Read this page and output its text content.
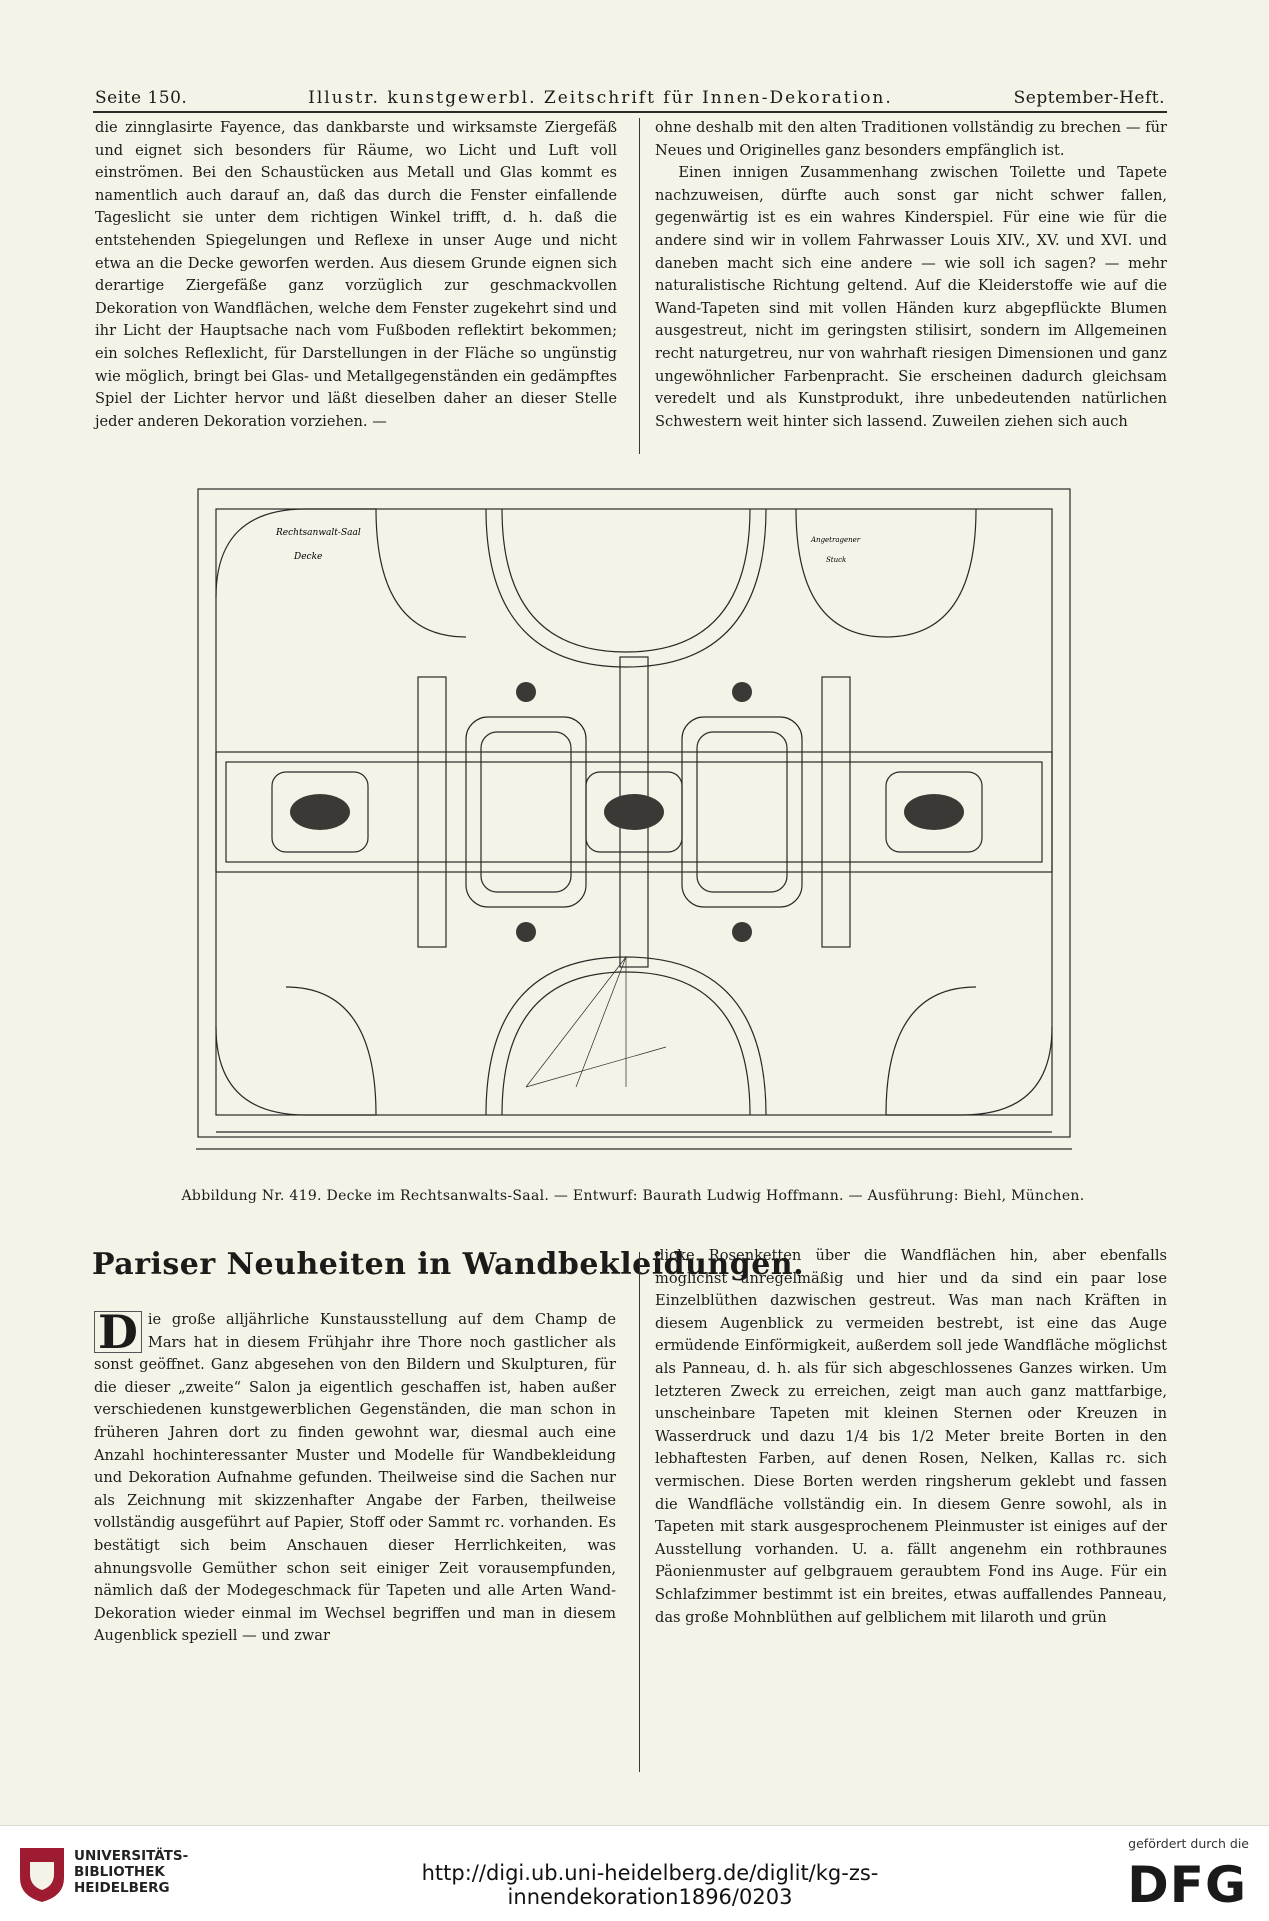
Seite 150.	Illustr. kunstgewerbl. Zeitschrift für Innen-Dekoration.	September-Heft.

die zinnglasirte Fayence, das dankbarste und wirksamste Ziergefäß und eignet sich besonders für Räume, wo Licht und Luft voll einströmen. Bei den Schaustücken aus Metall und Glas kommt es namentlich auch darauf an, daß das durch die Fenster einfallende Tageslicht sie unter dem richtigen Winkel trifft, d. h. daß die entstehenden Spiegelungen und Reflexe in unser Auge und nicht etwa an die Decke geworfen werden. Aus diesem Grunde eignen sich derartige Ziergefäße ganz vorzüglich zur geschmackvollen Dekoration von Wandflächen, welche dem Fenster zugekehrt sind und ihr Licht der Hauptsache nach vom Fußboden reflektirt bekommen; ein solches Reflexlicht, für Darstellungen in der Fläche so ungünstig wie möglich, bringt bei Glas- und Metallgegenständen ein gedämpftes Spiel der Lichter hervor und läßt dieselben daher an dieser Stelle jeder anderen Dekoration vorziehen. —

ohne deshalb mit den alten Traditionen vollständig zu brechen — für Neues und Originelles ganz besonders empfänglich ist.

Einen innigen Zusammenhang zwischen Toilette und Tapete nachzuweisen, dürfte auch sonst gar nicht schwer fallen, gegenwärtig ist es ein wahres Kinderspiel. Für eine wie für die andere sind wir in vollem Fahrwasser Louis XIV., XV. und XVI. und daneben macht sich eine andere — wie soll ich sagen? — mehr naturalistische Richtung geltend. Auf die Kleiderstoffe wie auf die Wand-Tapeten sind mit vollen Händen kurz abgepflückte Blumen ausgestreut, nicht im geringsten stilisirt, sondern im Allgemeinen recht naturgetreu, nur von wahrhaft riesigen Dimensionen und ganz ungewöhnlicher Farbenpracht. Sie erscheinen dadurch gleichsam veredelt und als Kunstprodukt, ihre unbedeutenden natürlichen Schwestern weit hinter sich lassend. Zuweilen ziehen sich auch

Rechtsanwalt-Saal
Decke
Angetragener
Stuck
Abbildung Nr. 419. Decke im Rechtsanwalts-Saal. — Entwurf: Baurath Ludwig Hoffmann. — Ausführung: Biehl, München.
Pariser Neuheiten in Wandbekleidungen.

D ie große alljährliche Kunstausstellung auf dem Champ de Mars hat in diesem Frühjahr ihre Thore noch gastlicher als sonst geöffnet. Ganz abgesehen von den Bildern und Skulpturen, für die dieser „zweite“ Salon ja eigentlich geschaffen ist, haben außer verschiedenen kunstgewerblichen Gegenständen, die man schon in früheren Jahren dort zu finden gewohnt war, diesmal auch eine Anzahl hochinteressanter Muster und Modelle für Wandbekleidung und Dekoration Aufnahme gefunden. Theilweise sind die Sachen nur als Zeichnung mit skizzenhafter Angabe der Farben, theilweise vollständig ausgeführt auf Papier, Stoff oder Sammt rc. vorhanden. Es bestätigt sich beim Anschauen dieser Herrlichkeiten, was ahnungsvolle Gemüther schon seit einiger Zeit vorausempfunden, nämlich daß der Modegeschmack für Tapeten und alle Arten Wand-Dekoration wieder einmal im Wechsel begriffen und man in diesem Augenblick speziell — und zwar

dicke Rosenketten über die Wandflächen hin, aber ebenfalls möglichst unregelmäßig und hier und da sind ein paar lose Einzelblüthen dazwischen gestreut. Was man nach Kräften in diesem Augenblick zu vermeiden bestrebt, ist eine das Auge ermüdende Einförmigkeit, außerdem soll jede Wandfläche möglichst als Panneau, d. h. als für sich abgeschlossenes Ganzes wirken. Um letzteren Zweck zu erreichen, zeigt man auch ganz mattfarbige, unscheinbare Tapeten mit kleinen Sternen oder Kreuzen in Wasserdruck und dazu 1/4 bis 1/2 Meter breite Borten in den lebhaftesten Farben, auf denen Rosen, Nelken, Kallas rc. sich vermischen. Diese Borten werden ringsherum geklebt und fassen die Wandfläche vollständig ein. In diesem Genre sowohl, als in Tapeten mit stark ausgesprochenem Pleinmuster ist einiges auf der Ausstellung vorhanden. U. a. fällt angenehm ein rothbraunes Päonienmuster auf gelbgrauem geraubtem Fond ins Auge. Für ein Schlafzimmer bestimmt ist ein breites, etwas auffallendes Panneau, das große Mohnblüthen auf gelblichem mit lilaroth und grün

UNIVERSITÄTS-
BIBLIOTHEK
HEIDELBERG
http://digi.ub.uni-heidelberg.de/diglit/kg-zs-innendekoration1896/0203
gefördert durch die
DFG
